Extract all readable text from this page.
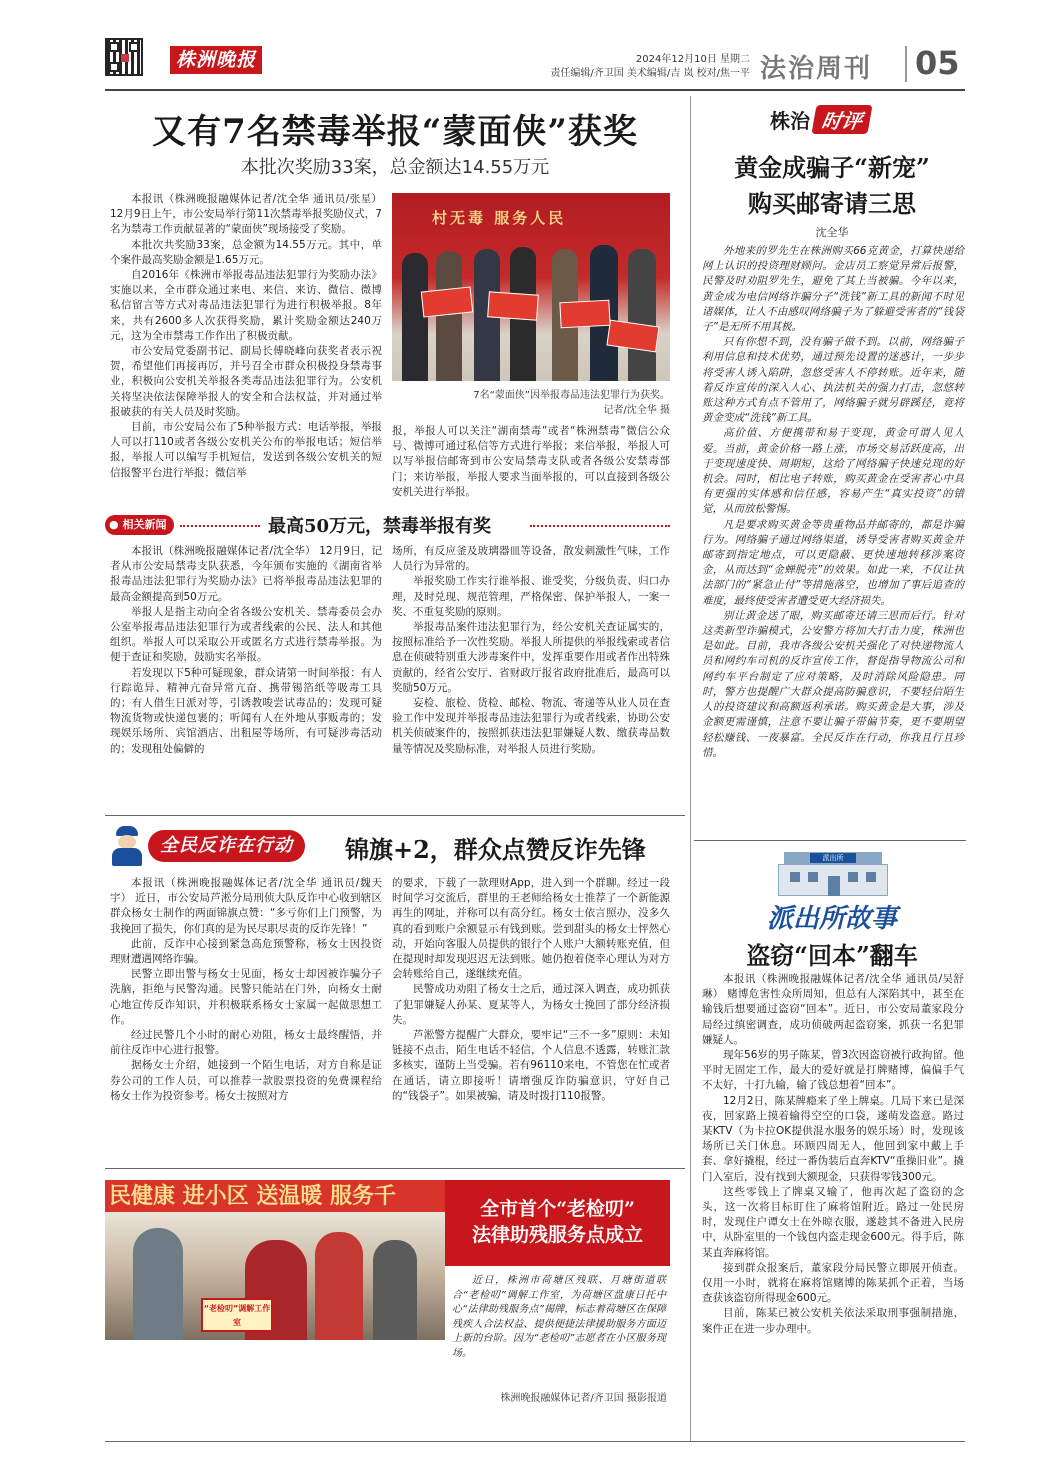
株洲晚报	2024年12月10日 星期二
责任编辑/齐卫国 美术编辑/吉 岚 校对/焦一平 法治周刊 05
又有7名禁毒举报“蒙面侠”获奖
本批次奖励33案，总金额达14.55万元

本报讯（株洲晚报融媒体记者/沈全华 通讯员/张星） 12月9日上午，市公安局举行第11次禁毒举报奖励仪式，7名为禁毒工作贡献显著的“蒙面侠”现场接受了奖励。

本批次共奖励33案，总金额为14.55万元。其中，单个案件最高奖励金额是1.65万元。

自2016年《株洲市举报毒品违法犯罪行为奖励办法》实施以来，全市群众通过来电、来信、来访、微信、微博私信留言等方式对毒品违法犯罪行为进行积极举报。8年来，共有2600多人次获得奖励，累计奖励金额达240万元，这为全市禁毒工作作出了积极贡献。

市公安局党委副书记、副局长傅晓峰向获奖者表示祝贺，希望他们再接再厉，并号召全市群众积极投身禁毒事业，积极向公安机关举报各类毒品违法犯罪行为。公安机关将坚决依法保障举报人的安全和合法权益，并对通过举报破获的有关人员及时奖励。

目前，市公安局公布了5种举报方式：电话举报，举报人可以打110或者各级公安机关公布的举报电话；短信举报，举报人可以编写手机短信，发送到各级公安机关的短信报警平台进行举报；微信举

村无毒 服务人民
7名“蒙面侠”因举报毒品违法犯罪行为获奖。
记者/沈全华 摄

报，举报人可以关注“湖南禁毒”或者“株洲禁毒”微信公众号、微博可通过私信等方式进行举报；来信举报，举报人可以写举报信邮寄到市公安局禁毒支队或者各级公安禁毒部门；来访举报，举报人要求当面举报的，可以直接到各级公安机关进行举报。

● 相关新闻	最高50万元，禁毒举报有奖

本报讯（株洲晚报融媒体记者/沈全华） 12月9日，记者从市公安局禁毒支队获悉，今年颁布实施的《湖南省举报毒品违法犯罪行为奖励办法》已将举报毒品违法犯罪的最高金额提高到50万元。

举报人是指主动向全省各级公安机关、禁毒委员会办公室举报毒品违法犯罪行为或者线索的公民、法人和其他组织。举报人可以采取公开或匿名方式进行禁毒举报。为便于查证和奖励，鼓励实名举报。

若发现以下5种可疑现象，群众请第一时间举报：有人行踪诡异、精神亢奋异常亢奋、携带锡箔纸等吸毒工具的；有人借生日派对等，引诱教唆尝试毒品的；发现可疑物流货物或快递包裹的；听闻有人在外地从事贩毒的；发现娱乐场所、宾馆酒店、出租屋等场所，有可疑涉毒活动的；发现租处偏僻的

场所，有反应釜及玻璃器皿等设备，散发刺激性气味，工作人员行为异常的。

举报奖励工作实行谁举报、谁受奖，分级负责、归口办理，及时兑现、规范管理，严格保密、保护举报人，一案一奖、不重复奖励的原则。

举报毒品案件违法犯罪行为，经公安机关查证属实的，按照标准给予一次性奖励。举报人所提供的举报线索或者信息在侦破特别重大涉毒案件中，发挥重要作用或者作出特殊贡献的，经省公安厅、省财政厅报省政府批准后，最高可以奖励50万元。

妄检、旅检、货检、邮检、物流、寄递等从业人员在查验工作中发现并举报毒品违法犯罪行为或者线索，协助公安机关侦破案件的，按照抓获违法犯罪嫌疑人数、缴获毒品数量等情况及奖励标准，对举报人员进行奖励。

株治 时评
黄金成骗子“新宠”
购买邮寄请三思
沈全华

外地来的罗先生在株洲购买66克黄金，打算快递给网上认识的投资理财顾问。金店员工察觉异常后报警，民警及时劝阻罗先生，避免了其上当被骗。今年以来，黄金成为电信网络诈骗分子“洗钱”新工具的新闻不时见诸媒体，让人不由感叹网络骗子为了躲避受害者的“钱袋子”是无所不用其极。

只有你想不到，没有骗子做不到。以前，网络骗子利用信息和技术优势，通过预先设置的迷惑计，一步步将受害人诱入陷阱，忽悠受害人不停转账。近年来，随着反诈宣传的深入人心、执法机关的强力打击，忽悠转账这种方式有点不管用了，网络骗子就另辟蹊径，竟将黄金变成“洗钱”新工具。

高价值、方便携带和易于变现，黄金可谓人见人爱。当前，黄金价格一路上涨，市场交易活跃度高，出于变现速度快、周期短，这给了网络骗子快速兑现的好机会。同时，相比电子转账，购买黄金在受害者心中具有更强的实体感和信任感，容易产生“真实投资”的错觉，从而放松警惕。

凡是要求购买黄金等贵重物品并邮寄的，都是诈骗行为。网络骗子通过网络渠道，诱导受害者购买黄金并邮寄到指定地点，可以更隐蔽、更快速地转移涉案资金，从而达到“金蝉脱壳”的效果。如此一来，不仅让执法部门的“紧急止付”等措施落空，也增加了事后追查的难度，最终使受害者遭受更大经济损失。

别让黄金送了眼，购买邮寄还请三思而后行。针对这类新型诈骗模式，公安警方将加大打击力度，株洲也是如此。目前，我市各级公安机关强化了对快递物流人员和网约车司机的反诈宣传工作，督促指导物流公司和网约车平台制定了应对策略，及时消除风险隐患。同时，警方也提醒广大群众提高防骗意识，不要轻信陌生人的投资建议和高额返利承诺。购买黄金是大事，涉及金额更需谨慎，注意不要让骗子带偏节奏，更不要期望轻松赚钱、一夜暴富。全民反诈在行动，你我且行且珍惜。

全民反诈在行动	锦旗+2，群众点赞反诈先锋

本报讯（株洲晚报融媒体记者/沈全华 通讯员/魏天宇） 近日，市公安局芦淞分局刑侦大队反诈中心收到辖区群众杨女士制作的两面锦旗点赞：“多亏你们上门预警，为我挽回了损失，你们真的是为民尽职尽责的反诈先锋！”

此前，反诈中心接到紧急高危预警称，杨女士因投资理财遭遇网络诈骗。

民警立即出警与杨女士见面，杨女士却因被诈骗分子洗脑，拒绝与民警沟通。民警只能站在门外，向杨女士耐心地宣传反诈知识，并积极联系杨女士家属一起做思想工作。

经过民警几个小时的耐心劝阻，杨女士最终醒悟，并前往反诈中心进行报警。

据杨女士介绍，她接到一个陌生电话，对方自称是证券公司的工作人员，可以推荐一款股票投资的免费课程给杨女士作为投资参考。杨女士按照对方

的要求，下载了一款理财App，进入到一个群聊。经过一段时间学习交流后，群里的王老师给杨女士推荐了一个新能源再生的网址，并称可以有高分红。杨女士依言照办，没多久真的看到账户余额显示有钱到账。尝到甜头的杨女士怦然心动，开始向客服人员提供的银行个人账户大额转账充值，但在提现时却发现迟迟无法到账。她仍抱着侥幸心理认为对方会转账给自己，遂继续充值。

民警成功劝阻了杨女士之后，通过深入调查，成功抓获了犯罪嫌疑人孙某、夏某等人，为杨女士挽回了部分经济损失。

芦淞警方提醒广大群众，要牢记“三不一多”原则：未知链接不点击，陌生电话不轻信，个人信息不透露，转账汇款多核实，谨防上当受骗。若有96110来电，不管您在忙或者在通话，请立即接听！请增强反诈防骗意识，守好自己的“钱袋子”。如果被骗，请及时拨打110报警。

民健康 进小区 送温暖 服务千
“老检叨”调解工作室
全市首个“老检叨”
法律助残服务点成立

近日，株洲市荷塘区残联、月塘街道联合“老检叨”调解工作室，为荷塘区盘康日托中心“法律助残服务点”揭牌，标志着荷塘区在保障残疾人合法权益、提供便捷法律援助服务方面迈上新的台阶。因为“老检叨”志愿者在小区服务现场。

株洲晚报融媒体记者/齐卫国 摄影报道
派出所
派出所故事
盗窃“回本”翻车

本报讯（株洲晚报融媒体记者/沈全华 通讯员/吴舒琳） 赌博危害性众所周知，但总有人深陷其中，甚至在输钱后想要通过盗窃“回本”。近日，市公安局董家段分局经过缜密调查，成功侦破两起盗窃案，抓获一名犯罪嫌疑人。

现年56岁的男子陈某，曾3次因盗窃被行政拘留。他平时无固定工作，最大的爱好就是打牌赌博，偏偏手气不太好，十打九输，输了钱总想着“回本”。

12月2日，陈某牌瘾来了坐上牌桌。几局下来已是深夜，回家路上摸着输得空空的口袋，遂萌发盗意。路过某KTV（为卡拉OK提供混水服务的娱乐场）时，发现该场所已关门休息。环顾四周无人，他回到家中戴上手套、拿好撬棍，经过一番伪装后直奔KTV“重操旧业”。撬门入室后，没有找到大额现金，只获得零钱300元。

这些零钱上了牌桌又输了，他再次起了盗窃的念头，这一次将目标盯住了麻将馆附近。路过一处民房时，发现住户谭女士在外晾衣服，遂趁其不备进入民房中，从卧室里的一个钱包内盗走现金600元。得手后，陈某直奔麻将馆。

接到群众报案后，董家段分局民警立即展开侦查。仅用一小时，就将在麻将馆赌博的陈某抓个正着，当场查获该盗窃所得现金600元。

目前，陈某已被公安机关依法采取刑事强制措施，案件正在进一步办理中。
